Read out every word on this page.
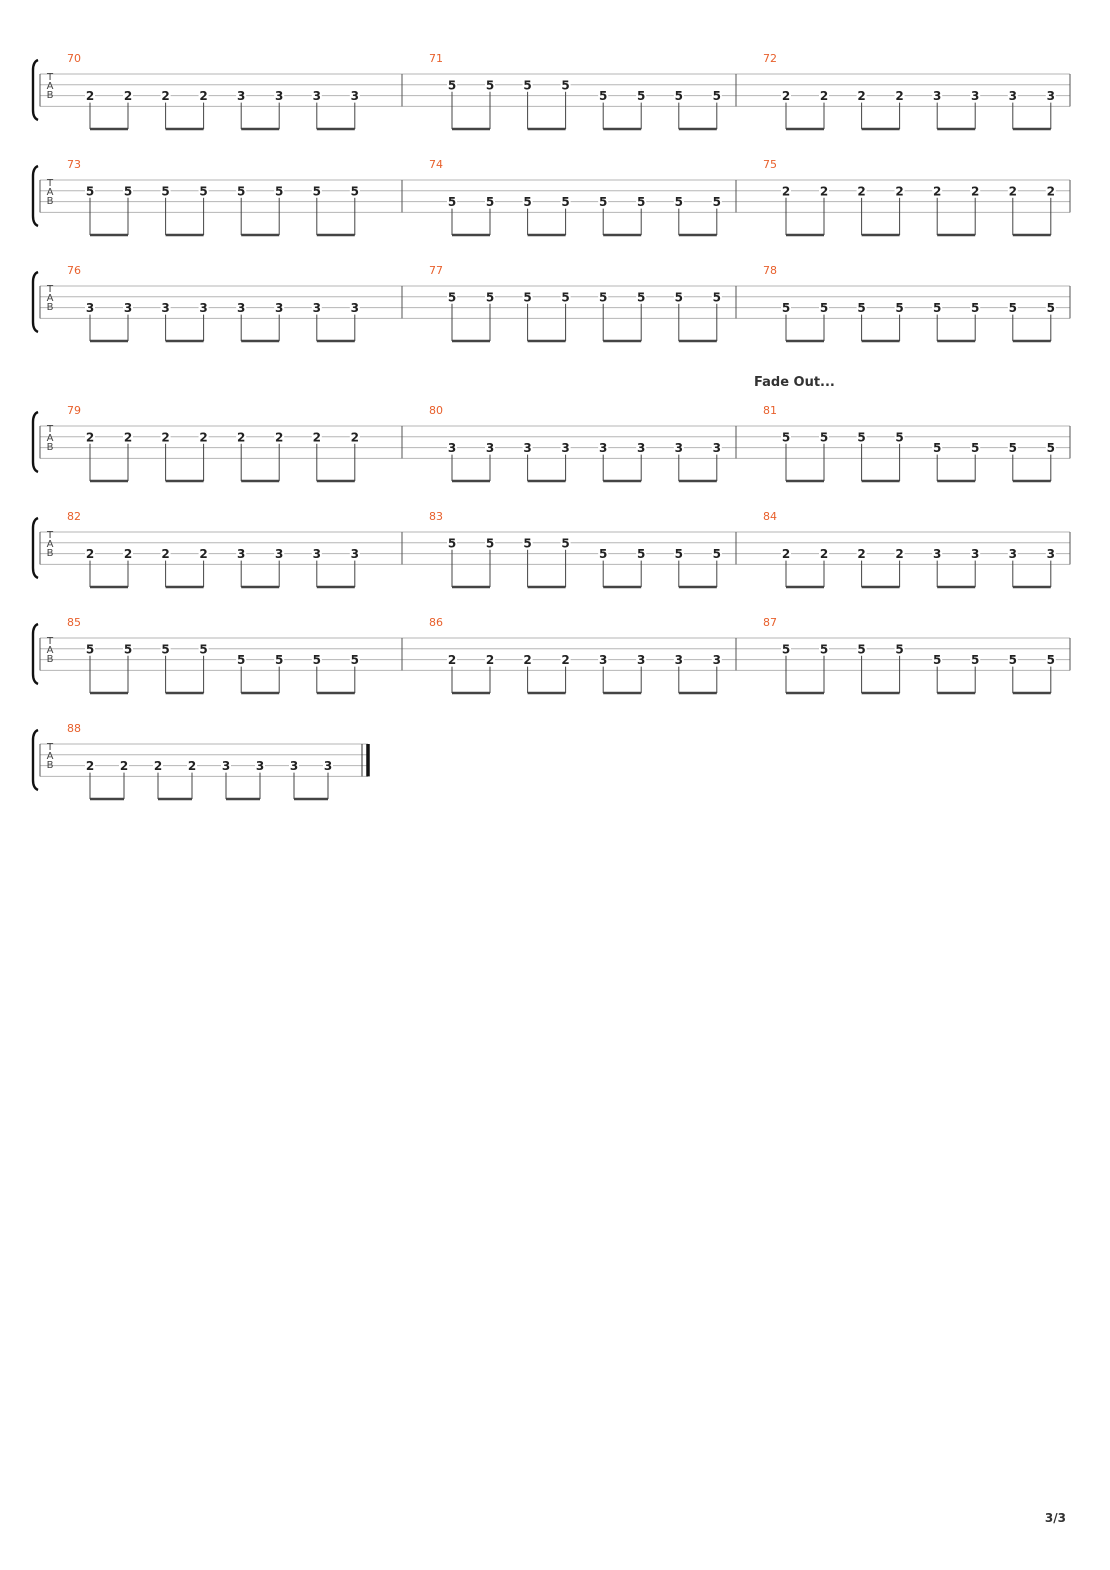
T
A
B
70
2 2 2 2 3 3 3 3
71
5 5 5 5
5 5 5 5
72
2 2 2 2 3 3 3 3
T
A
B
73
5 5 5 5 5 5 5 5
74
5 5 5 5 5 5 5 5
75
2 2 2 2 2 2 2 2
T
A
B
76
3 3 3 3 3 3 3 3
77
5 5 5 5 5 5 5 5
78
5 5 5 5 5 5 5 5
T
A
B
Fade Out...
79
2 2 2 2 2 2 2 2
80
3 3 3 3 3 3 3 3
81
5 5 5 5
5 5 5 5
T
A
B
82
2 2 2 2 3 3 3 3
83
5 5 5 5
5 5 5 5
84
2 2 2 2 3 3 3 3
T
A
B
85
5 5 5 5
5 5 5 5
86
2 2 2 2 3 3 3 3
87
5 5 5 5
5 5 5 5
T
A
B
88
2 2 2 2 3 3 3 3
3/3
